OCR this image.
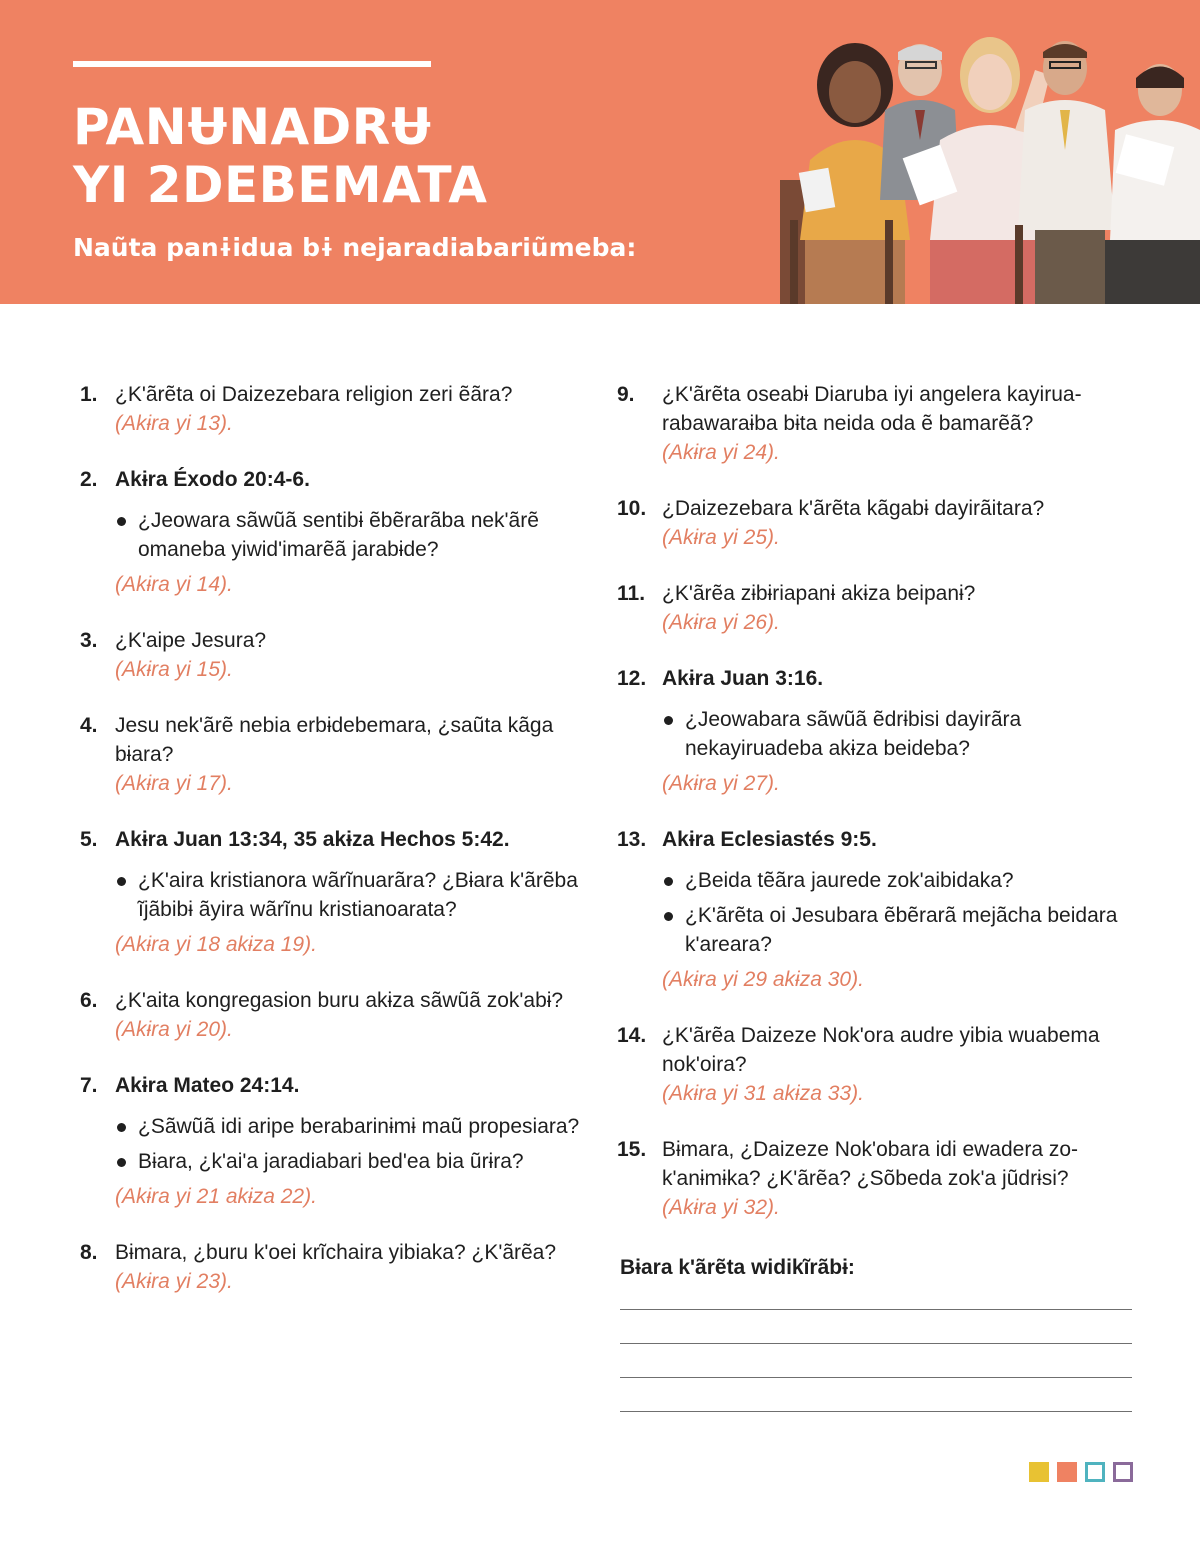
PANɄNADRɄ
YI 2DEBEMATA

Naũta panɨidua bɨ nejaradiabariũmeba:

1. ¿K'ãrẽta oi Daizezebara religion zeri ẽãra?
(Akɨra yi 13).
2. Akɨra Éxodo 20:4-6.
¿Jeowara sãwũã sentibɨ ẽbẽrarãba nek'ãrẽ omaneba yiwid'imarẽã jarabɨde?
(Akɨra yi 14).
3. ¿K'aipe Jesura?
(Akɨra yi 15).
4. Jesu nek'ãrẽ nebia erbɨdebemara, ¿saũta kãga bɨara?
(Akɨra yi 17).
5. Akɨra Juan 13:34, 35 akɨza Hechos 5:42.
¿K'aira kristianora wãrĩnuarãra? ¿Bɨara k'ãrẽba ĩjãbibɨ ãyira wãrĩnu kristianoarata?
(Akɨra yi 18 akɨza 19).
6. ¿K'aita kongregasion buru akɨza sãwũã zok'abɨ?
(Akɨra yi 20).
7. Akɨra Mateo 24:14.
¿Sãwũã idi aripe berabarinɨmɨ maũ propesiara?
Bɨara, ¿k'ai'a jaradiabari bed'ea bia ũrɨra?
(Akɨra yi 21 akɨza 22).
8. Bɨmara, ¿buru k'oei krĩchaira yibiaka? ¿K'ãrẽa?
(Akɨra yi 23).
9. ¿K'ãrẽta oseabɨ Diaruba iyi angelera kayirua-rabawaraɨba bɨta neida oda ẽ bamarẽã?
(Akɨra yi 24).
10. ¿Daizezebara k'ãrẽta kãgabɨ dayirãitara?
(Akɨra yi 25).
11. ¿K'ãrẽa zɨbɨriapanɨ akɨza beipanɨ?
(Akɨra yi 26).
12. Akɨra Juan 3:16.
¿Jeowabara sãwũã ẽdrɨbisi dayirãra nekayiruadeba akɨza beideba?
(Akɨra yi 27).
13. Akɨra Eclesiastés 9:5.
¿Beida tẽãra jaurede zok'aibidaka?
¿K'ãrẽta oi Jesubara ẽbẽrarã mejãcha beidara k'areara?
(Akɨra yi 29 akɨza 30).
14. ¿K'ãrẽa Daizeze Nok'ora audre yibia wuabema nok'oira?
(Akɨra yi 31 akɨza 33).
15. Bɨmara, ¿Daizeze Nok'obara idi ewadera zo-k'anɨmɨka? ¿K'ãrẽa? ¿Sõbeda zok'a jũdrɨsi?
(Akɨra yi 32).

Bɨara k'ãrẽta widikĩrãbɨ:
